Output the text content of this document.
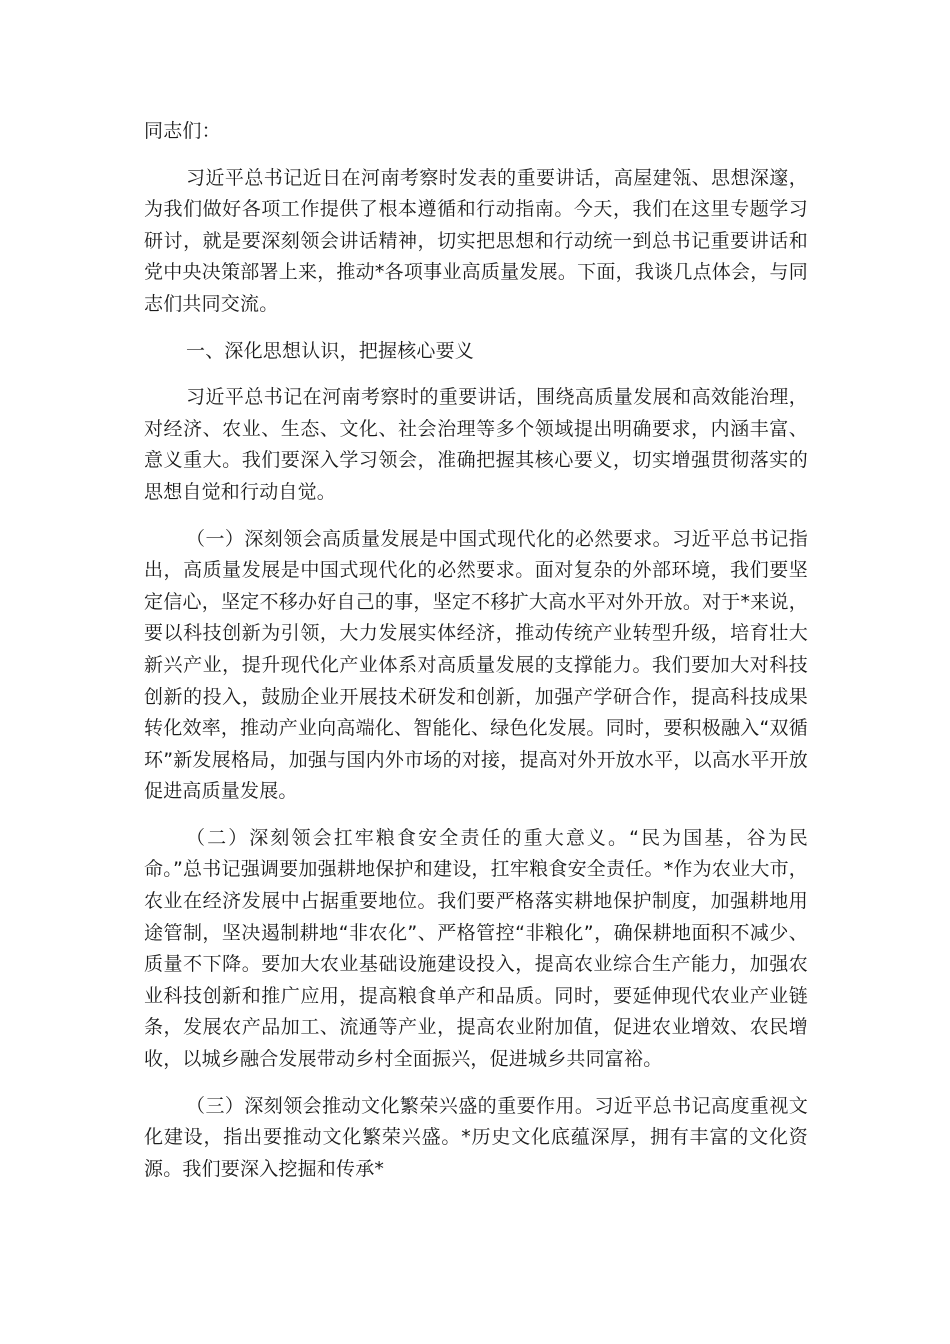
同志们：

习近平总书记近日在河南考察时发表的重要讲话，高屋建瓴、思想深邃，为我们做好各项工作提供了根本遵循和行动指南。今天，我们在这里专题学习研讨，就是要深刻领会讲话精神，切实把思想和行动统一到总书记重要讲话和党中央决策部署上来，推动*各项事业高质量发展。下面，我谈几点体会，与同志们共同交流。

一、深化思想认识，把握核心要义

习近平总书记在河南考察时的重要讲话，围绕高质量发展和高效能治理，对经济、农业、生态、文化、社会治理等多个领域提出明确要求，内涵丰富、意义重大。我们要深入学习领会，准确把握其核心要义，切实增强贯彻落实的思想自觉和行动自觉。

（一）深刻领会高质量发展是中国式现代化的必然要求。习近平总书记指出，高质量发展是中国式现代化的必然要求。面对复杂的外部环境，我们要坚定信心，坚定不移办好自己的事，坚定不移扩大高水平对外开放。对于*来说，要以科技创新为引领，大力发展实体经济，推动传统产业转型升级，培育壮大新兴产业，提升现代化产业体系对高质量发展的支撑能力。我们要加大对科技创新的投入，鼓励企业开展技术研发和创新，加强产学研合作，提高科技成果转化效率，推动产业向高端化、智能化、绿色化发展。同时，要积极融入“双循环”新发展格局，加强与国内外市场的对接，提高对外开放水平，以高水平开放促进高质量发展。

（二）深刻领会扛牢粮食安全责任的重大意义。“民为国基，谷为民命。”总书记强调要加强耕地保护和建设，扛牢粮食安全责任。*作为农业大市，农业在经济发展中占据重要地位。我们要严格落实耕地保护制度，加强耕地用途管制，坚决遏制耕地“非农化”、严格管控“非粮化”，确保耕地面积不减少、质量不下降。要加大农业基础设施建设投入，提高农业综合生产能力，加强农业科技创新和推广应用，提高粮食单产和品质。同时，要延伸现代农业产业链条，发展农产品加工、流通等产业，提高农业附加值，促进农业增效、农民增收，以城乡融合发展带动乡村全面振兴，促进城乡共同富裕。

（三）深刻领会推动文化繁荣兴盛的重要作用。习近平总书记高度重视文化建设，指出要推动文化繁荣兴盛。*历史文化底蕴深厚，拥有丰富的文化资源。我们要深入挖掘和传承*
